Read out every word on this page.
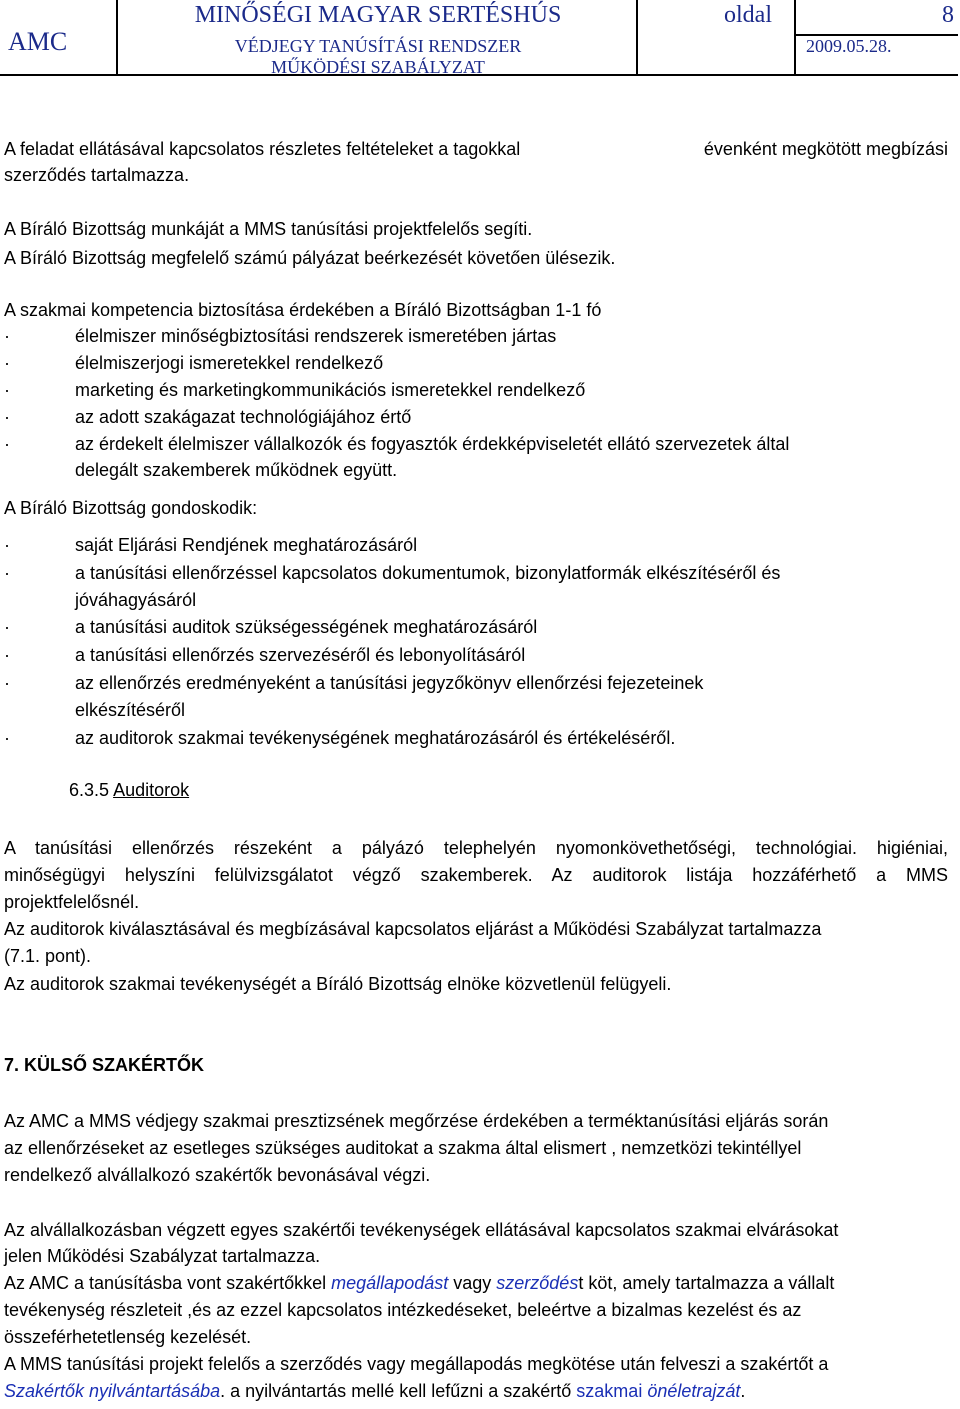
AMC
MINŐSÉGI MAGYAR SERTÉSHÚS
VÉDJEGY TANÚSÍTÁSI RENDSZER
MŰKÖDÉSI SZABÁLYZAT
oldal	8
2009.05.28.
A feladat ellátásával kapcsolatos részletes feltételeket a tagokkal	évenként megkötött megbízási
szerződés tartalmazza.
A Bíráló Bizottság munkáját a MMS tanúsítási projektfelelős segíti.
A Bíráló Bizottság megfelelő számú pályázat beérkezését követően ülésezik.
A szakmai kompetencia biztosítása érdekében a Bíráló Bizottságban 1-1 fó
·	élelmiszer minőségbiztosítási rendszerek ismeretében jártas
·	élelmiszerjogi ismeretekkel rendelkező
·	marketing és marketingkommunikációs ismeretekkel rendelkező
·	az adott szakágazat technológiájához értő
·	az érdekelt élelmiszer vállalkozók és fogyasztók érdekképviseletét ellátó szervezetek által
delegált szakemberek működnek együtt.
A Bíráló Bizottság gondoskodik:
·	saját Eljárási Rendjének meghatározásáról
·	a tanúsítási ellenőrzéssel kapcsolatos dokumentumok, bizonylatformák elkészítéséről és
jóváhagyásáról
·	a tanúsítási auditok szükségességének meghatározásáról
·	a tanúsítási ellenőrzés szervezéséről és lebonyolításáról
·	az ellenőrzés eredményeként a tanúsítási jegyzőkönyv ellenőrzési fejezeteinek
elkészítéséről
·	az auditorok szakmai tevékenységének meghatározásáról és értékeléséről.
6.3.5 Auditorok
A tanúsítási ellenőrzés részeként a pályázó telephelyén nyomonkövethetőségi, technológiai. higiéniai,
minőségügyi helyszíni felülvizsgálatot végző szakemberek. Az auditorok listája hozzáférhető a MMS
projektfelelősnél.
Az auditorok kiválasztásával és megbízásával kapcsolatos eljárást a Működési Szabályzat tartalmazza
(7.1. pont).
Az auditorok szakmai tevékenységét a Bíráló Bizottság elnöke közvetlenül felügyeli.
7. KÜLSŐ SZAKÉRTŐK
Az AMC a MMS védjegy szakmai presztizsének megőrzése érdekében a terméktanúsítási eljárás során
az ellenőrzéseket az esetleges szükséges auditokat a szakma által elismert , nemzetközi tekintéllyel
rendelkező alvállalkozó szakértők bevonásával végzi.
Az alvállalkozásban végzett egyes szakértői tevékenységek ellátásával kapcsolatos szakmai elvárásokat
jelen Működési Szabályzat tartalmazza.
Az AMC a tanúsításba vont szakértőkkel megállapodást vagy szerződést köt, amely tartalmazza a vállalt
tevékenység részleteit ,és az ezzel kapcsolatos intézkedéseket, beleértve a bizalmas kezelést és az
összeférhetetlenség kezelését.
A MMS tanúsítási projekt felelős a szerződés vagy megállapodás megkötése után felveszi a szakértőt a
Szakértők nyilvántartásába. a nyilvántartás mellé kell lefűzni a szakértő szakmai önéletrajzát.
